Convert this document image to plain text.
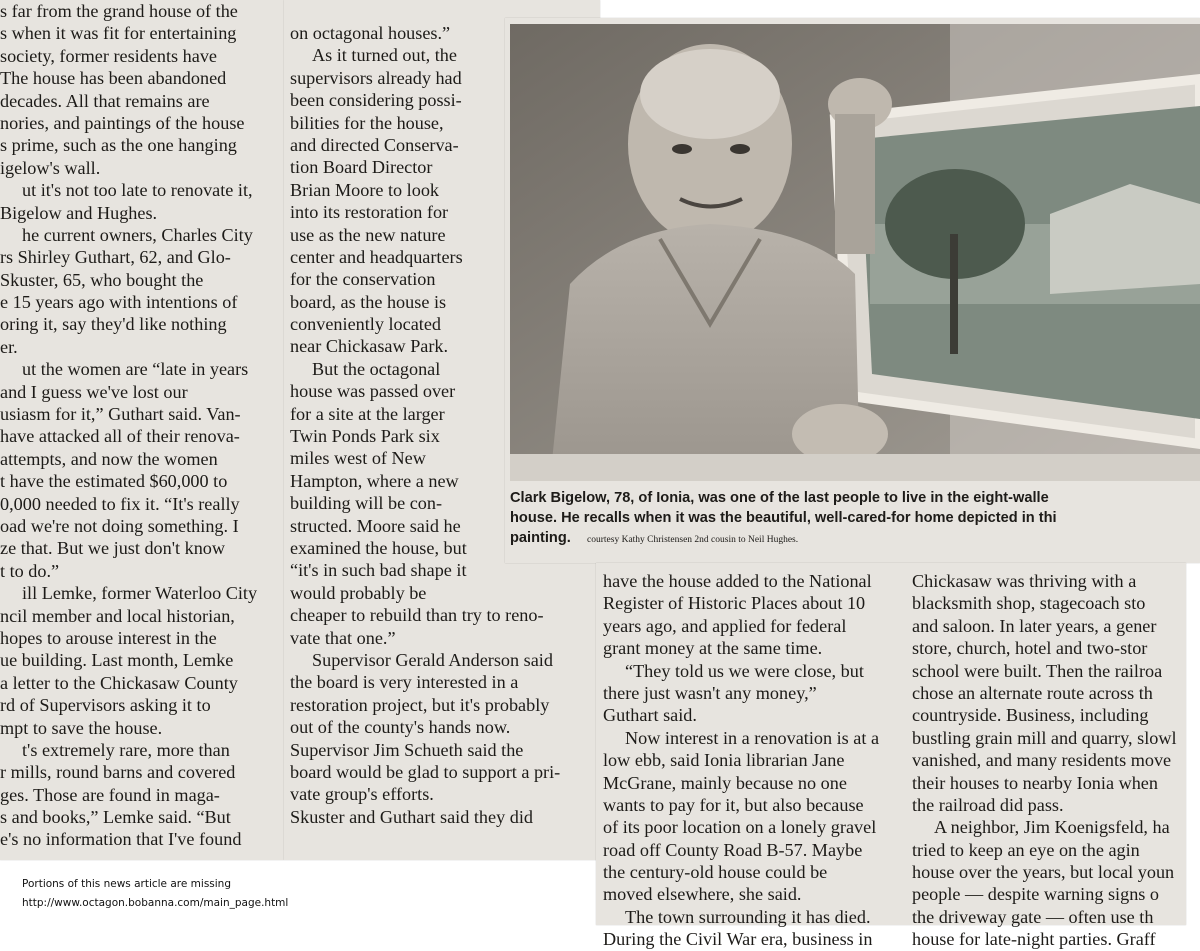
s far from the grand house of the
s when it was fit for entertaining
society, former residents have
The house has been abandoned
decades. All that remains are
nories, and paintings of the house
s prime, such as the one hanging
igelow's wall.
ut it's not too late to renovate it,
Bigelow and Hughes.
he current owners, Charles City
rs Shirley Guthart, 62, and Glo-
Skuster, 65, who bought the
e 15 years ago with intentions of
oring it, say they'd like nothing
er.
ut the women are “late in years
and I guess we've lost our
usiasm for it,” Guthart said. Van-
have attacked all of their renova-
attempts, and now the women
t have the estimated $60,000 to
0,000 needed to fix it. “It's really
oad we're not doing something. I
ze that. But we just don't know
t to do.”
ill Lemke, former Waterloo City
ncil member and local historian,
hopes to arouse interest in the
ue building. Last month, Lemke
a letter to the Chickasaw County
rd of Supervisors asking it to
mpt to save the house.
t's extremely rare, more than
r mills, round barns and covered
ges. Those are found in maga-
s and books,” Lemke said. “But
e's no information that I've found
on octagonal houses.”
As it turned out, the
supervisors already had
been considering possi-
bilities for the house,
and directed Conserva-
tion Board Director
Brian Moore to look
into its restoration for
use as the new nature
center and headquarters
for the conservation
board, as the house is
conveniently located
near Chickasaw Park.
But the octagonal
house was passed over
for a site at the larger
Twin Ponds Park six
miles west of New
Hampton, where a new
building will be con-
structed. Moore said he
examined the house, but
“it's in such bad shape it
would probably be
cheaper to rebuild than try to reno-
vate that one.”
Supervisor Gerald Anderson said
the board is very interested in a
restoration project, but it's probably
out of the county's hands now.
Supervisor Jim Schueth said the
board would be glad to support a pri-
vate group's efforts.
Skuster and Guthart said they did
have the house added to the National
Register of Historic Places about 10
years ago, and applied for federal
grant money at the same time.
“They told us we were close, but
there just wasn't any money,”
Guthart said.
Now interest in a renovation is at a
low ebb, said Ionia librarian Jane
McGrane, mainly because no one
wants to pay for it, but also because
of its poor location on a lonely gravel
road off County Road B-57. Maybe
the century-old house could be
moved elsewhere, she said.
The town surrounding it has died.
During the Civil War era, business in
Chickasaw was thriving with a
blacksmith shop, stagecoach sto
and saloon. In later years, a gener
store, church, hotel and two-stor
school were built. Then the railroa
chose an alternate route across th
countryside. Business, including
bustling grain mill and quarry, slowl
vanished, and many residents move
their houses to nearby Ionia when
the railroad did pass.
A neighbor, Jim Koenigsfeld, ha
tried to keep an eye on the agin
house over the years, but local youn
people — despite warning signs o
the driveway gate — often use th
house for late-night parties. Graff
Clark Bigelow, 78, of Ionia, was one of the last people to live in the eight-walle
house. He recalls when it was the beautiful, well-cared-for home depicted in thi
painting. courtesy Kathy Christensen 2nd cousin to Neil Hughes.
Portions of this news article are missing
http://www.octagon.bobanna.com/main_page.html
